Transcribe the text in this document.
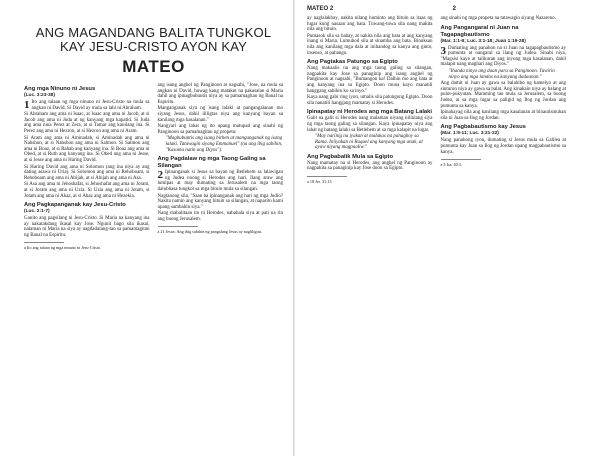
ANG MAGANDANG BALITA TUNGKOL KAY JESU-CRISTO AYON KAY
MATEO
Ang mga Ninuno ni Jesus
(Luc. 3:23-38)

1 Ito ang talaan ng mga ninuno ni Jesu-Cristo na mula sa angkan ni David. Si David ay mula sa lahi ni Abraham.

Si Abraham ang ama ni Isaac, at Isaac ang ama ni Jacob, at si Jacob ang ama ni Juda at ng kanyang mga kapatid. Si Juda ang ama nina Perez at Zera, at si Tamar ang kanilang ina. Si Perez ang ama ni Hezron, at si Hezron ang ama ni Aram.

Si Aram ang ama ni Aminadab, si Aminadab ang ama ni Nahshon, at si Nahshon ang ama ni Salmon. Si Salmon ang ama ni Boaz, at si Rahab ang kanyang ina. Si Boaz ang ama ni Obed, at si Ruth ang kanyang ina. Si Obed ang ama ni Jesse, at si Jesse ang ama ni Haring David.

Si Haring David ang ama ni Solomon (ang ina niya ay ang dating asawa ni Uria). Si Solomon ang ama ni Rehoboam, si Rehoboam ang ama ni Abijah, at si Abijah ang ama ni Asa.

Si Asa ang ama ni Jehoshafat, si Jehoshafat ang ama ni Joram, at si Joram ang ama ni Uzia. Si Uzia ang ama ni Jotam, si Jotam ang ama ni Ahaz, at si Ahaz ang ama ni Hezekia.

Ang Pagkapanganak kay Jesu-Cristo
(Luc. 2:1-7)

Ganito ang pagsilang ni Jesu-Cristo. Si Maria na kanyang ina ay nakatakdang ikasal kay Jose. Ngunit bago sila ikasal, nalaman ni Maria na siya ay nagdadalang-tao sa pamamagitan ng Banal na Espiritu.

a Ito ang talaan ng mga ninuno ni Jesu-Cristo.

ang isang anghel ng Panginoon at nagsabi, "Jose, na mula sa angkan ni David, huwag kang matakot na pakasalan si Maria dahil ang ipinagbubuntis niya ay sa pamamagitan ng Banal na Espiritu.

Manganganak siya ng isang lalaki at pangangalanan mo siyang Jesus, dahil ililigtas niya ang kanyang bayan sa kanilang mga kasalanan."

Nangyari ang lahat ng ito upang matupad ang sinabi ng Panginoon sa pamamagitan ng propeta:

"Magbubuntis ang isang birhen at manganganak ng isang lalaki. Tatawagin siyang Emmanuel" (na ang ibig sabihin, "Kasama natin ang Diyos").

Ang Pagdalaw ng mga Taong Galing sa Silangan

2 Ipinanganak si Jesus sa bayan ng Betlehem sa lalawigan ng Judea noong si Herodes ang hari. Ilang araw ang lumipas at may dumating sa Jerusalem na mga taong dalubhasa tungkol sa mga bituin mula sa silangan.

Nagtanong sila, "Saan ba ipinanganak ang hari ng mga Judio? Nakita namin ang kanyang bituin sa silangan, at naparito kami upang sambahin siya."

Nang mabalitaan ito ni Herodes, nabahala siya at pati na rin ang buong Jerusalem.

a 21 Jesus: Ang ibig sabihin ng pangalang Jesus ay nagliligtas.

MATEO 2	2

ay naglalakbay, nakita nilang huminto ang bituin sa itaas ng lugar kung nasaan ang bata. Tuwang-tuwa sila nang makita nila ang bituin.

Pumasok sila sa bahay, at nakita nila ang bata at ang kanyang inang si Maria. Lumuhod sila at sinamba ang bata. Binuksan nila ang kanilang mga dala at inihandog sa kanya ang ginto, insenso, at pabango.

Ang Pagtakas Patungo sa Egipto

Nang makaalis na ang mga taong galing sa silangan, nagpakita kay Jose sa panaginip ang isang anghel ng Panginoon at nagsabi, "Bumangon ka! Dalhin mo ang bata at ang kanyang ina sa Egipto. Doon muna kayo manatili hanggang sabihin ko sa inyo."

Kaya nang gabi ring iyon, umalis sila patungong Egipto. Doon sila nanatili hanggang mamatay si Herodes.

Ipinapatay ni Herodes ang mga Batang Lalaki

Galit na galit si Herodes nang malaman niyang nilinlang siya ng mga taong galing sa silangan. Kaya ipinapatay niya ang lahat ng batang lalaki sa Betlehem at sa mga kalapit na lugar.

"May narinig na iyakan at malakas na panaghoy sa Rama. Iniiyakan ni Raquel ang kanyang mga anak, at ayaw niyang magpaaliw."

Ang Pagbabalik Mula sa Egipto

Nang mamatay na si Herodes, ang anghel ng Panginoon ay nagpakita sa panaginip kay Jose doon sa Egipto.

a 18 Jer. 31:15.

ang sinabi ng mga propeta na tatawagin siyang Nazareno.

Ang Pangangaral ni Juan na Tagapagbautismo
(Mar. 1:1-8; Luc. 3:1-18; Juan 1:19-28)

3 Dumating ang panahon na si Juan na tagapagbautismo ay pumunta at nangaral sa ilang ng Judea. Sinabi niya, "Magsisi kayo at talikuran ang inyong mga kasalanan, dahil malapit nang maghari ang Diyos."

"Ihanda ninyo ang daan para sa Panginoon. Tuwirin ninyo ang mga landas na kanyang dadaanan."

Ang damit ni Juan ay gawa sa balahibo ng kamelyo at ang sinturon niya ay gawa sa balat. Ang kinakain niya ay balang at pulot-pukyutan. Maraming tao mula sa Jerusalem, sa buong Judea, at sa mga lugar sa paligid ng Ilog ng Jordan ang pumunta sa kanya.

Ipinahayag nila ang kanilang mga kasalanan at binautismuhan sila ni Juan sa Ilog ng Jordan.

Ang Pagbabautismo kay Jesus
(Mar. 1:9-11; Luc. 3:21-22)

Nang panahong iyon, dumating si Jesus mula sa Galilea at pumunta kay Juan sa Ilog ng Jordan upang magpabautismo sa kanya.

a 3 Isa. 40:3.
